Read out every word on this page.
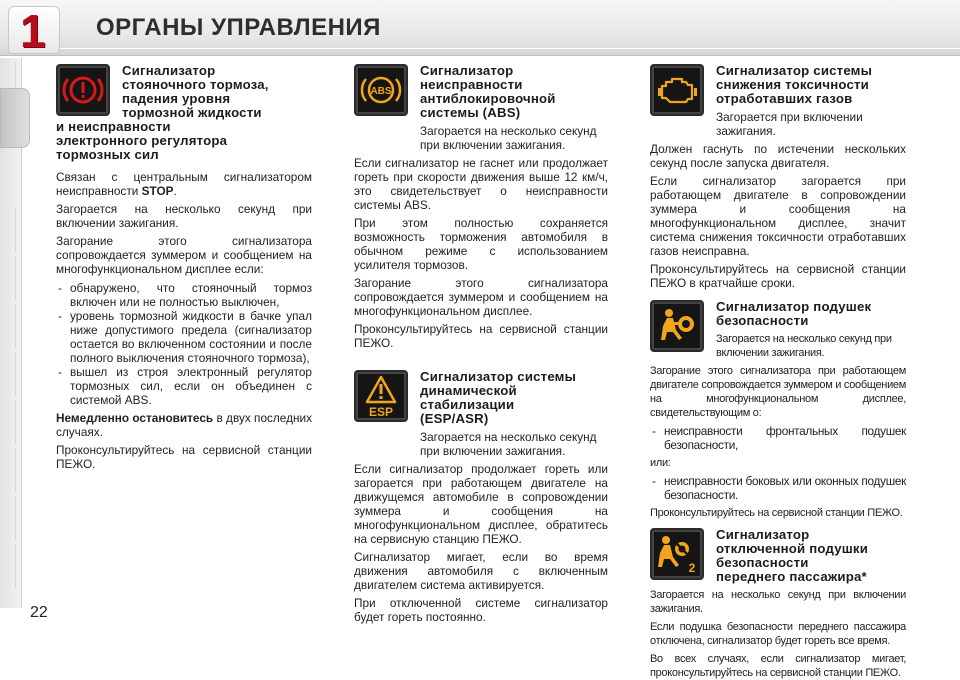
1 ОРГАНЫ УПРАВЛЕНИЯ
Сигнализатор
стояночного тормоза,
падения уровня
тормозной жидкости
и неисправности
электронного регулятора
тормозных сил
Связан с центральным сигнализатором неисправности STOP.
Загорается на несколько секунд при включении зажигания.
Загорание этого сигнализатора сопровождается зуммером и сообщением на многофункциональном дисплее если:
- обнаружено, что стояночный тормоз включен или не полностью выключен,
- уровень тормозной жидкости в бачке упал ниже допустимого предела (сигнализатор остается во включенном состоянии и после полного выключения стояночного тормоза),
- вышел из строя электронный регулятор тормозных сил, если он объединен с системой ABS.
Немедленно остановитесь в двух последних случаях.
Проконсультируйтесь на сервисной станции ПЕЖО.
ABS
Сигнализатор
неисправности
антиблокировочной
системы (ABS)
Загорается на несколько секунд при включении зажигания.
Если сигнализатор не гаснет или продолжает гореть при скорости движения выше 12 км/ч, это свидетельствует о неисправности системы ABS.
При этом полностью сохраняется возможность торможения автомобиля в обычном режиме с использованием усилителя тормозов.
Загорание этого сигнализатора сопровождается зуммером и сообщением на многофункциональном дисплее.
Проконсультируйтесь на сервисной станции ПЕЖО.
ESP
Сигнализатор системы
динамической
стабилизации
(ESP/ASR)
Загорается на несколько секунд при включении зажигания.
Если сигнализатор продолжает гореть или загорается при работающем двигателе на движущемся автомобиле в сопровождении зуммера и сообщения на многофункциональном дисплее, обратитесь на сервисную станцию ПЕЖО.
Сигнализатор мигает, если во время движения автомобиля с включенным двигателем система активируется.
При отключенной системе сигнализатор будет гореть постоянно.
Сигнализатор системы
снижения токсичности
отработавших газов
Загорается при включении зажигания.
Должен гаснуть по истечении нескольких секунд после запуска двигателя.
Если сигнализатор загорается при работающем двигателе в сопровождении зуммера и сообщения на многофункциональном дисплее, значит система снижения токсичности отработавших газов неисправна.
Проконсультируйтесь на сервисной станции ПЕЖО в кратчайше сроки.
Сигнализатор подушек
безопасности
Загорается на несколько секунд при включении зажигания.
Загорание этого сигнализатора при работающем двигателе сопровождается зуммером и сообщением на многофункциональном дисплее, свидетельствующим о:
- неисправности фронтальных подушек безопасности,
или:
- неисправности боковых или оконных подушек безопасности.
Проконсультируйтесь на сервисной станции ПЕЖО.
2
Сигнализатор
отключенной подушки
безопасности
переднего пассажира*
Загорается на несколько секунд при включении зажигания.
Если подушка безопасности переднего пассажира отключена, сигнализатор будет гореть все время.
Во всех случаях, если сигнализатор мигает, проконсультируйтесь на сервисной станции ПЕЖО.
22
